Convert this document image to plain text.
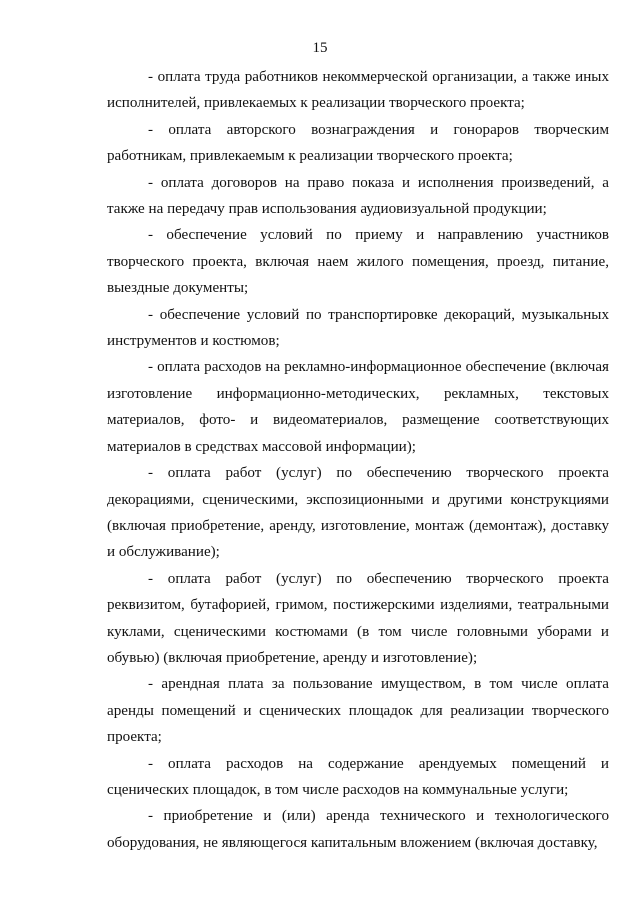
15

- оплата труда работников некоммерческой организации, а также иных исполнителей, привлекаемых к реализации творческого проекта;

- оплата авторского вознаграждения и гонораров творческим работникам, привлекаемым к реализации творческого проекта;

- оплата договоров на право показа и исполнения произведений, а также на передачу прав использования аудиовизуальной продукции;

- обеспечение условий по приему и направлению участников творческого проекта, включая наем жилого помещения, проезд, питание, выездные документы;

- обеспечение условий по транспортировке декораций, музыкальных инструментов и костюмов;

- оплата расходов на рекламно-информационное обеспечение (включая изготовление информационно-методических, рекламных, текстовых материалов, фото- и видеоматериалов, размещение соответствующих материалов в средствах массовой информации);

- оплата работ (услуг) по обеспечению творческого проекта декорациями, сценическими, экспозиционными и другими конструкциями (включая приобретение, аренду, изготовление, монтаж (демонтаж), доставку и обслуживание);

- оплата работ (услуг) по обеспечению творческого проекта реквизитом, бутафорией, гримом, постижерскими изделиями, театральными куклами, сценическими костюмами (в том числе головными уборами и обувью) (включая приобретение, аренду и изготовление);

- арендная плата за пользование имуществом, в том числе оплата аренды помещений и сценических площадок для реализации творческого проекта;

- оплата расходов на содержание арендуемых помещений и сценических площадок, в том числе расходов на коммунальные услуги;

- приобретение и (или) аренда технического и технологического оборудования, не являющегося капитальным вложением (включая доставку,
